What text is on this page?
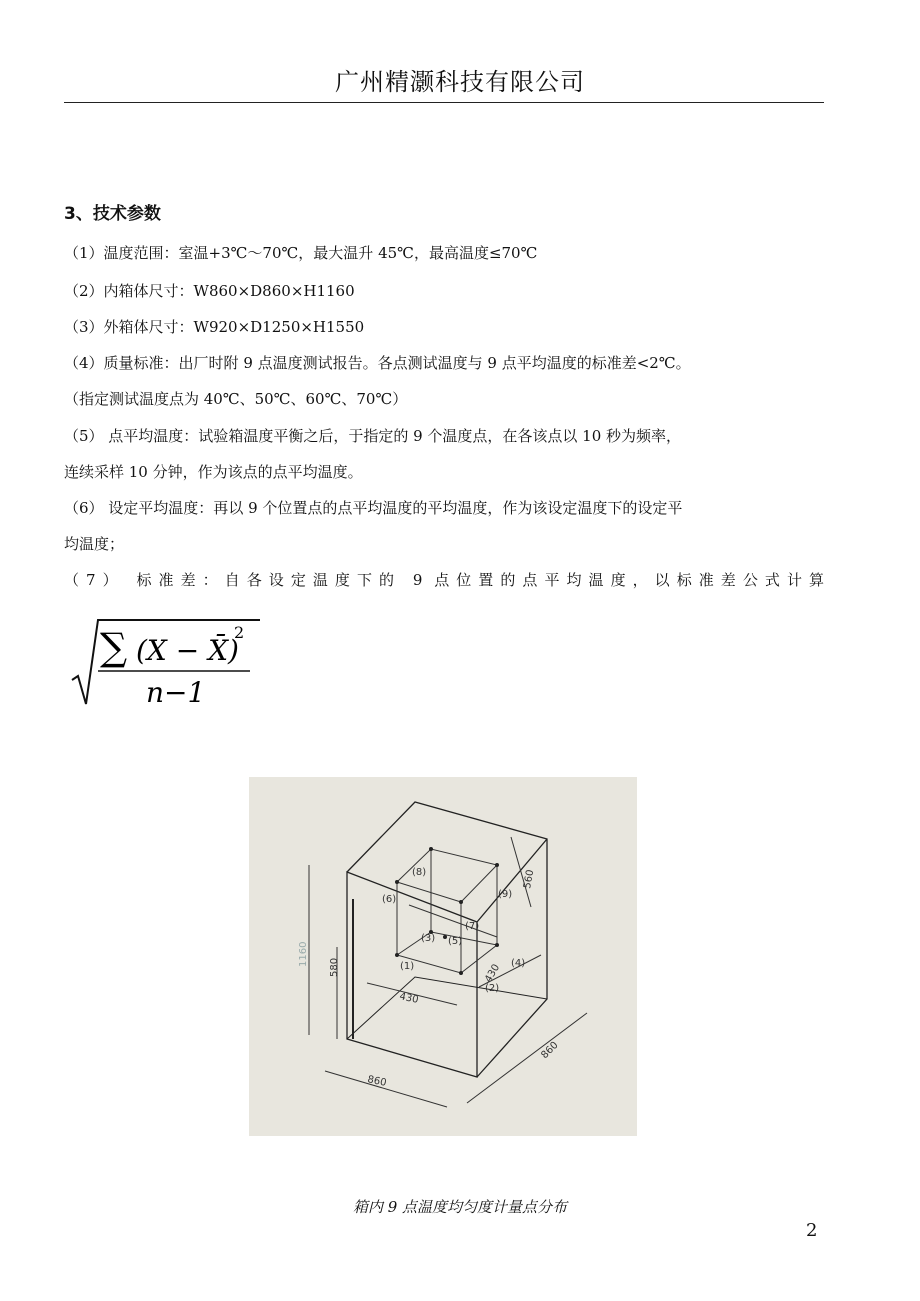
广州精灏科技有限公司
3、技术参数
（1）温度范围：室温+3℃～70℃，最大温升 45℃，最高温度≤70℃
（2）内箱体尺寸：W860×D860×H1160
（3）外箱体尺寸：W920×D1250×H1550
（4）质量标准：出厂时附 9 点温度测试报告。各点测试温度与 9 点平均温度的标准差<2℃。
（指定测试温度点为 40℃、50℃、60℃、70℃）
（5） 点平均温度：试验箱温度平衡之后，于指定的 9 个温度点，在各该点以 10 秒为频率，
连续采样 10 分钟，作为该点的点平均温度。
（6） 设定平均温度：再以 9 个位置点的点平均温度的平均温度，作为该设定温度下的设定平
均温度；
（7） 标准差：自各设定温度下的 9 点位置的点平均温度，以标准差公式计算
∑ (X − X̄)
2
n−1
(8)
(6)	(9)
(7)
(3) (5)
(1)
(2)
(4)
1160
580
560
430
430
860
860
箱内 9 点温度均匀度计量点分布
2
